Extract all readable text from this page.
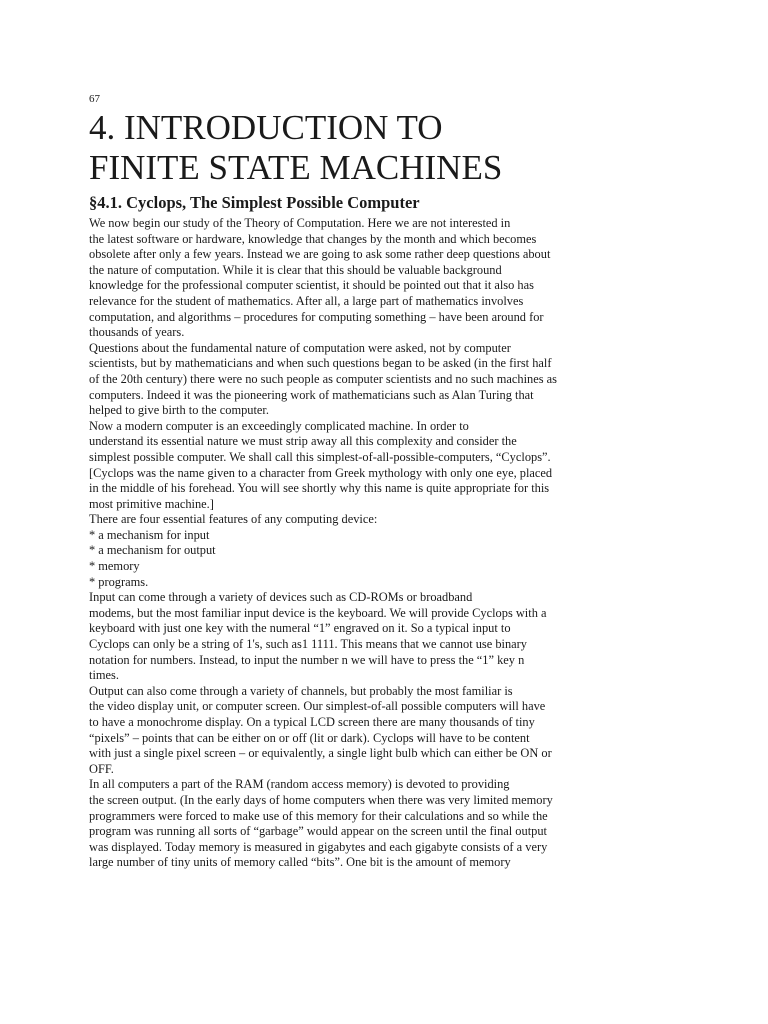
67
4. INTRODUCTION TO
FINITE STATE MACHINES
§4.1. Cyclops, The Simplest Possible Computer
We now begin our study of the Theory of Computation. Here we are not interested in
the latest software or hardware, knowledge that changes by the month and which becomes
obsolete after only a few years. Instead we are going to ask some rather deep questions about
the nature of computation. While it is clear that this should be valuable background
knowledge for the professional computer scientist, it should be pointed out that it also has
relevance for the student of mathematics. After all, a large part of mathematics involves
computation, and algorithms – procedures for computing something – have been around for
thousands of years.
Questions about the fundamental nature of computation were asked, not by computer
scientists, but by mathematicians and when such questions began to be asked (in the first half
of the 20th century) there were no such people as computer scientists and no such machines as
computers. Indeed it was the pioneering work of mathematicians such as Alan Turing that
helped to give birth to the computer.
Now a modern computer is an exceedingly complicated machine. In order to
understand its essential nature we must strip away all this complexity and consider the
simplest possible computer. We shall call this simplest-of-all-possible-computers, “Cyclops”.
[Cyclops was the name given to a character from Greek mythology with only one eye, placed
in the middle of his forehead. You will see shortly why this name is quite appropriate for this
most primitive machine.]
There are four essential features of any computing device:
* a mechanism for input
* a mechanism for output
* memory
* programs.
Input can come through a variety of devices such as CD-ROMs or broadband
modems, but the most familiar input device is the keyboard. We will provide Cyclops with a
keyboard with just one key with the numeral “1” engraved on it. So a typical input to
Cyclops can only be a string of 1's, such as1 1111. This means that we cannot use binary
notation for numbers. Instead, to input the number n we will have to press the “1” key n
times.
Output can also come through a variety of channels, but probably the most familiar is
the video display unit, or computer screen. Our simplest-of-all possible computers will have
to have a monochrome display. On a typical LCD screen there are many thousands of tiny
“pixels” – points that can be either on or off (lit or dark). Cyclops will have to be content
with just a single pixel screen – or equivalently, a single light bulb which can either be ON or
OFF.
In all computers a part of the RAM (random access memory) is devoted to providing
the screen output. (In the early days of home computers when there was very limited memory
programmers were forced to make use of this memory for their calculations and so while the
program was running all sorts of “garbage” would appear on the screen until the final output
was displayed. Today memory is measured in gigabytes and each gigabyte consists of a very
large number of tiny units of memory called “bits”. One bit is the amount of memory
